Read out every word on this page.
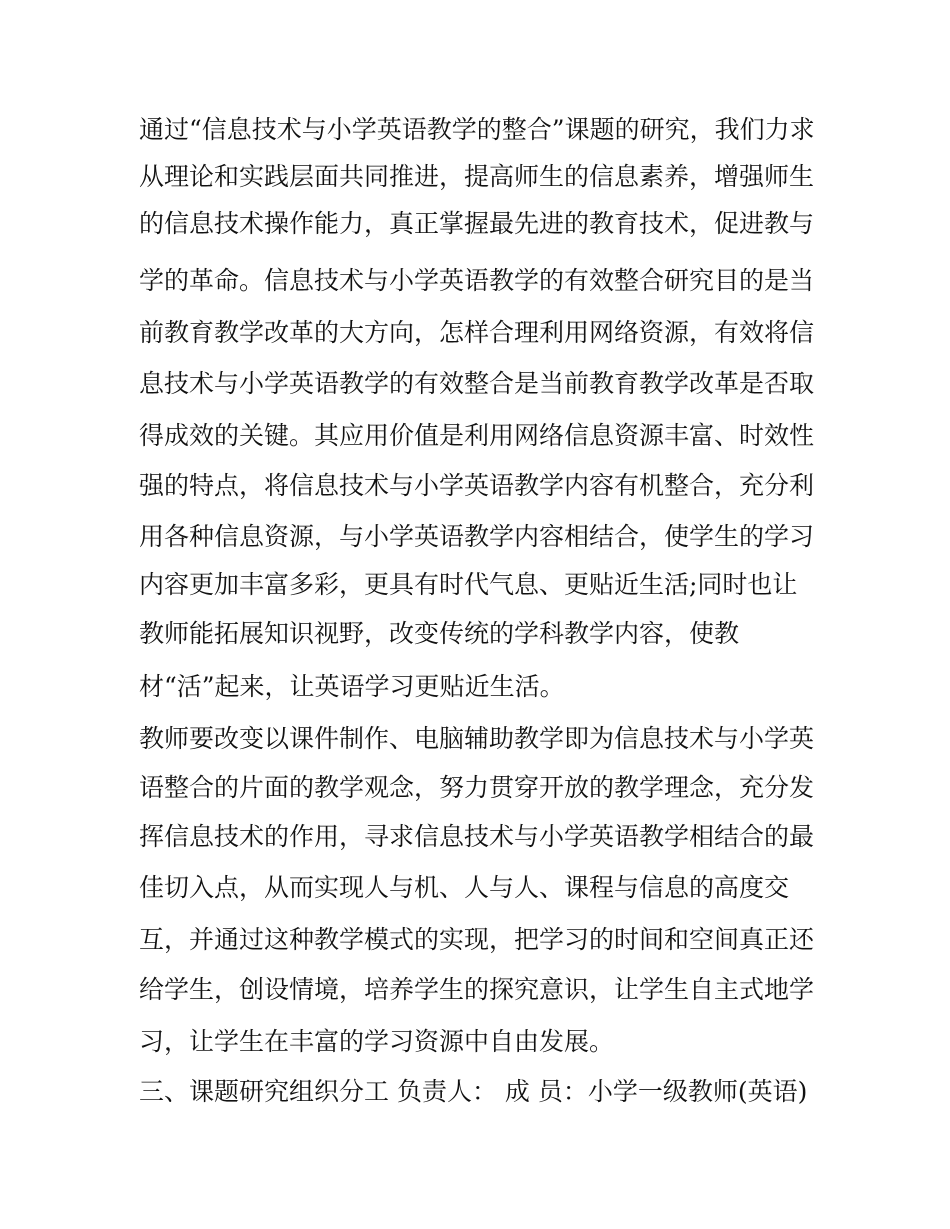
通过“信息技术与小学英语教学的整合”课题的研究，我们力求
从理论和实践层面共同推进，提高师生的信息素养，增强师生
的信息技术操作能力，真正掌握最先进的教育技术，促进教与
学的革命。信息技术与小学英语教学的有效整合研究目的是当
前教育教学改革的大方向，怎样合理利用网络资源，有效将信
息技术与小学英语教学的有效整合是当前教育教学改革是否取
得成效的关键。其应用价值是利用网络信息资源丰富、时效性
强的特点，将信息技术与小学英语教学内容有机整合，充分利
用各种信息资源，与小学英语教学内容相结合，使学生的学习
内容更加丰富多彩，更具有时代气息、更贴近生活;同时也让
教师能拓展知识视野，改变传统的学科教学内容，使教
材“活”起来，让英语学习更贴近生活。
教师要改变以课件制作、电脑辅助教学即为信息技术与小学英
语整合的片面的教学观念，努力贯穿开放的教学理念，充分发
挥信息技术的作用，寻求信息技术与小学英语教学相结合的最
佳切入点，从而实现人与机、人与人、课程与信息的高度交
互，并通过这种教学模式的实现，把学习的时间和空间真正还
给学生，创设情境，培养学生的探究意识，让学生自主式地学
习，让学生在丰富的学习资源中自由发展。
三、课题研究组织分工 负责人： 成 员：小学一级教师(英语)
